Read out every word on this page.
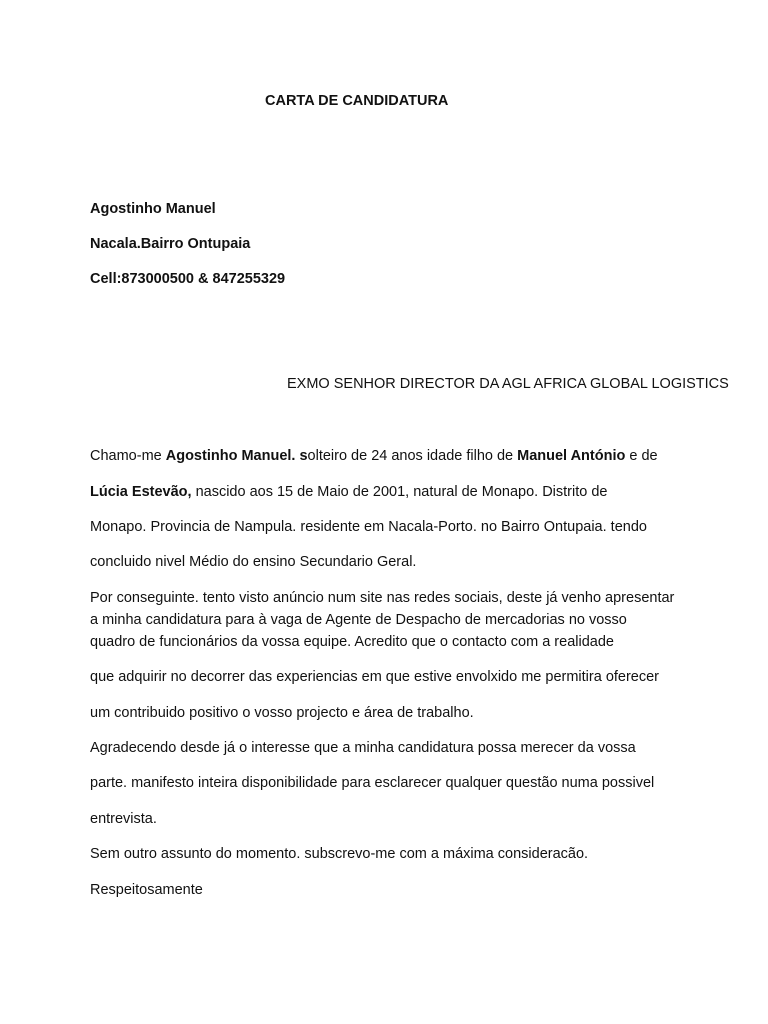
CARTA DE CANDIDATURA
Agostinho Manuel
Nacala.Bairro Ontupaia
Cell:873000500 & 847255329
EXMO SENHOR DIRECTOR DA AGL AFRICA GLOBAL LOGISTICS
Chamo-me Agostinho Manuel. solteiro de 24 anos idade filho de Manuel António e de
Lúcia Estevão, nascido aos 15 de Maio de 2001, natural de Monapo. Distrito de
Monapo. Provincia de Nampula. residente em Nacala-Porto. no Bairro Ontupaia. tendo
concluido nivel Médio do ensino Secundario Geral.
Por conseguinte. tento visto anúncio num site nas redes sociais, deste já venho apresentar a minha candidatura para à vaga de Agente de Despacho de mercadorias no vosso quadro de funcionários da vossa equipe. Acredito que o contacto com a realidade
que adquirir no decorrer das experiencias em que estive envolxido me permitira oferecer
um contribuido positivo o vosso projecto e área de trabalho.
Agradecendo desde já o interesse que a minha candidatura possa merecer da vossa
parte. manifesto inteira disponibilidade para esclarecer qualquer questão numa possivel
entrevista.
Sem outro assunto do momento. subscrevo-me com a máxima consideracão.
Respeitosamente
